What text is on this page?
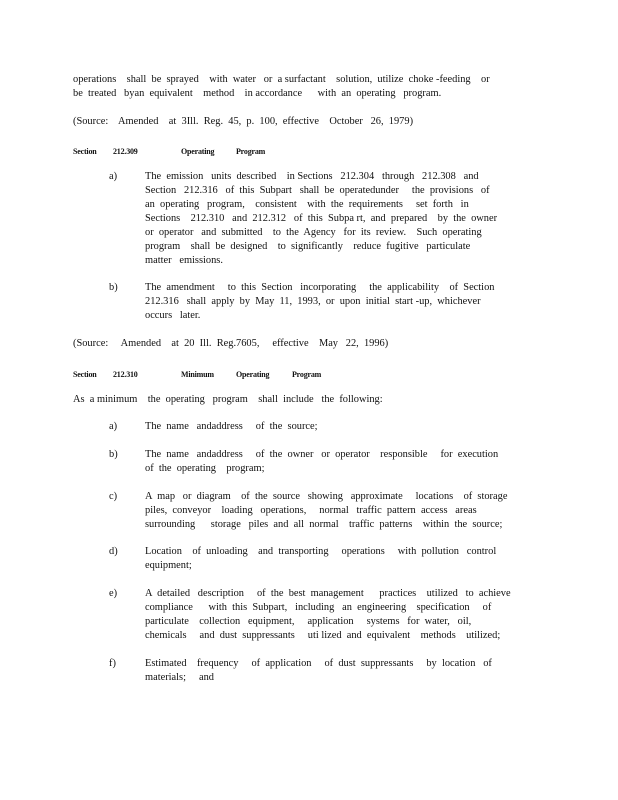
operations    shall  be  sprayed    with  water   or  a surfactant    solution,  utilize  choke -feeding    or
be  treated   byan  equivalent    method    in accordance      with  an  operating   program.
(Source:    Amended    at  3Ill.  Reg.  45,  p.  100,  effective    October   26,  1979)

Section

212.309

	Operating

	Program

a)	The  emission   units  described    in Sections   212.304   through   212.308   and
Section   212.316   of  this  Subpart   shall  be  operatedunder     the  provisions   of
an  operating   program,    consistent    with  the  requirements     set  forth   in
Sections    212.310   and  212.312   of  this  Subpa rt,  and  prepared    by  the  owner
or  operator   and  submitted    to  the  Agency   for  its  review.    Such  operating
program    shall  be  designed    to  significantly    reduce  fugitive   particulate
matter   emissions.
b)	The  amendment     to  this  Section   incorporating     the  applicability    of  Section
212.316   shall  apply  by  May  11,  1993,  or  upon  initial  start -up,  whichever
occurs   later.
(Source:     Amended    at  20  Ill.  Reg.7605,     effective    May   22,  1996)

Section

212.310

	Minimum

	Operating

	Program

As  a minimum    the  operating   program    shall  include   the  following:
a)	The  name   andaddress     of  the  source;
b)	The  name   andaddress     of  the  owner   or  operator    responsible     for  execution
of  the  operating    program;
c)	A  map   or  diagram    of  the  source   showing   approximate     locations    of  storage
piles,  conveyor    loading   operations,     normal   traffic  pattern  access   areas
surrounding      storage   piles  and  all  normal    traffic  patterns    within  the  source;
d)	Location    of  unloading    and  transporting     operations     with  pollution   control
equipment;
e)	A  detailed   description     of  the  best  management      practices    utilized   to  achieve
compliance      with  this  Subpart,   including   an  engineering    specification     of
particulate    collection   equipment,     application     systems   for  water,   oil,
chemicals     and  dust  suppressants     uti lized  and  equivalent    methods    utilized;
f)	Estimated    frequency     of  application     of  dust  suppressants     by  location   of
materials;     and
